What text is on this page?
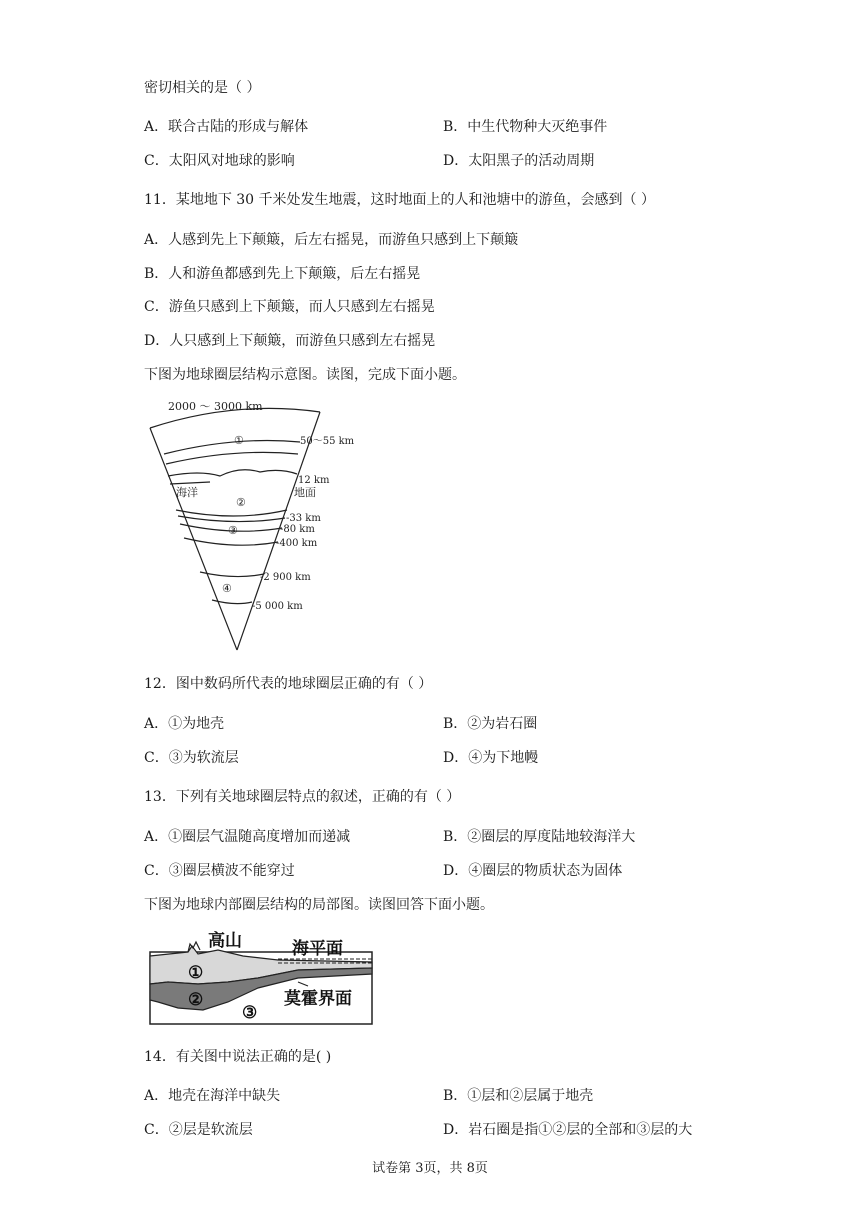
密切相关的是（ ）
A．联合古陆的形成与解体	B．中生代物种大灭绝事件
C．太阳风对地球的影响	D．太阳黑子的活动周期
11．某地地下 30 千米处发生地震，这时地面上的人和池塘中的游鱼，会感到（ ）
A．人感到先上下颠簸，后左右摇晃，而游鱼只感到上下颠簸
B．人和游鱼都感到先上下颠簸，后左右摇晃
C．游鱼只感到上下颠簸，而人只感到左右摇晃
D．人只感到上下颠簸，而游鱼只感到左右摇晃
下图为地球圈层结构示意图。读图，完成下面小题。
2000 ～ 3000 km
①
②
③
④
海洋
50～55 km
12 km
地面
-33 km
-80 km
-400 km
-2 900 km
-5 000 km
12．图中数码所代表的地球圈层正确的有（ ）
A．①为地壳	B．②为岩石圈
C．③为软流层	D．④为下地幔
13．下列有关地球圈层特点的叙述，正确的有（ ）
A．①圈层气温随高度增加而递减	B．②圈层的厚度陆地较海洋大
C．③圈层横波不能穿过	D．④圈层的物质状态为固体
下图为地球内部圈层结构的局部图。读图回答下面小题。
高山	海平面
莫霍界面
①
②
③
14．有关图中说法正确的是( )
A．地壳在海洋中缺失	B．①层和②层属于地壳
C．②层是软流层	D．岩石圈是指①②层的全部和③层的大
试卷第 3页，共 8页
